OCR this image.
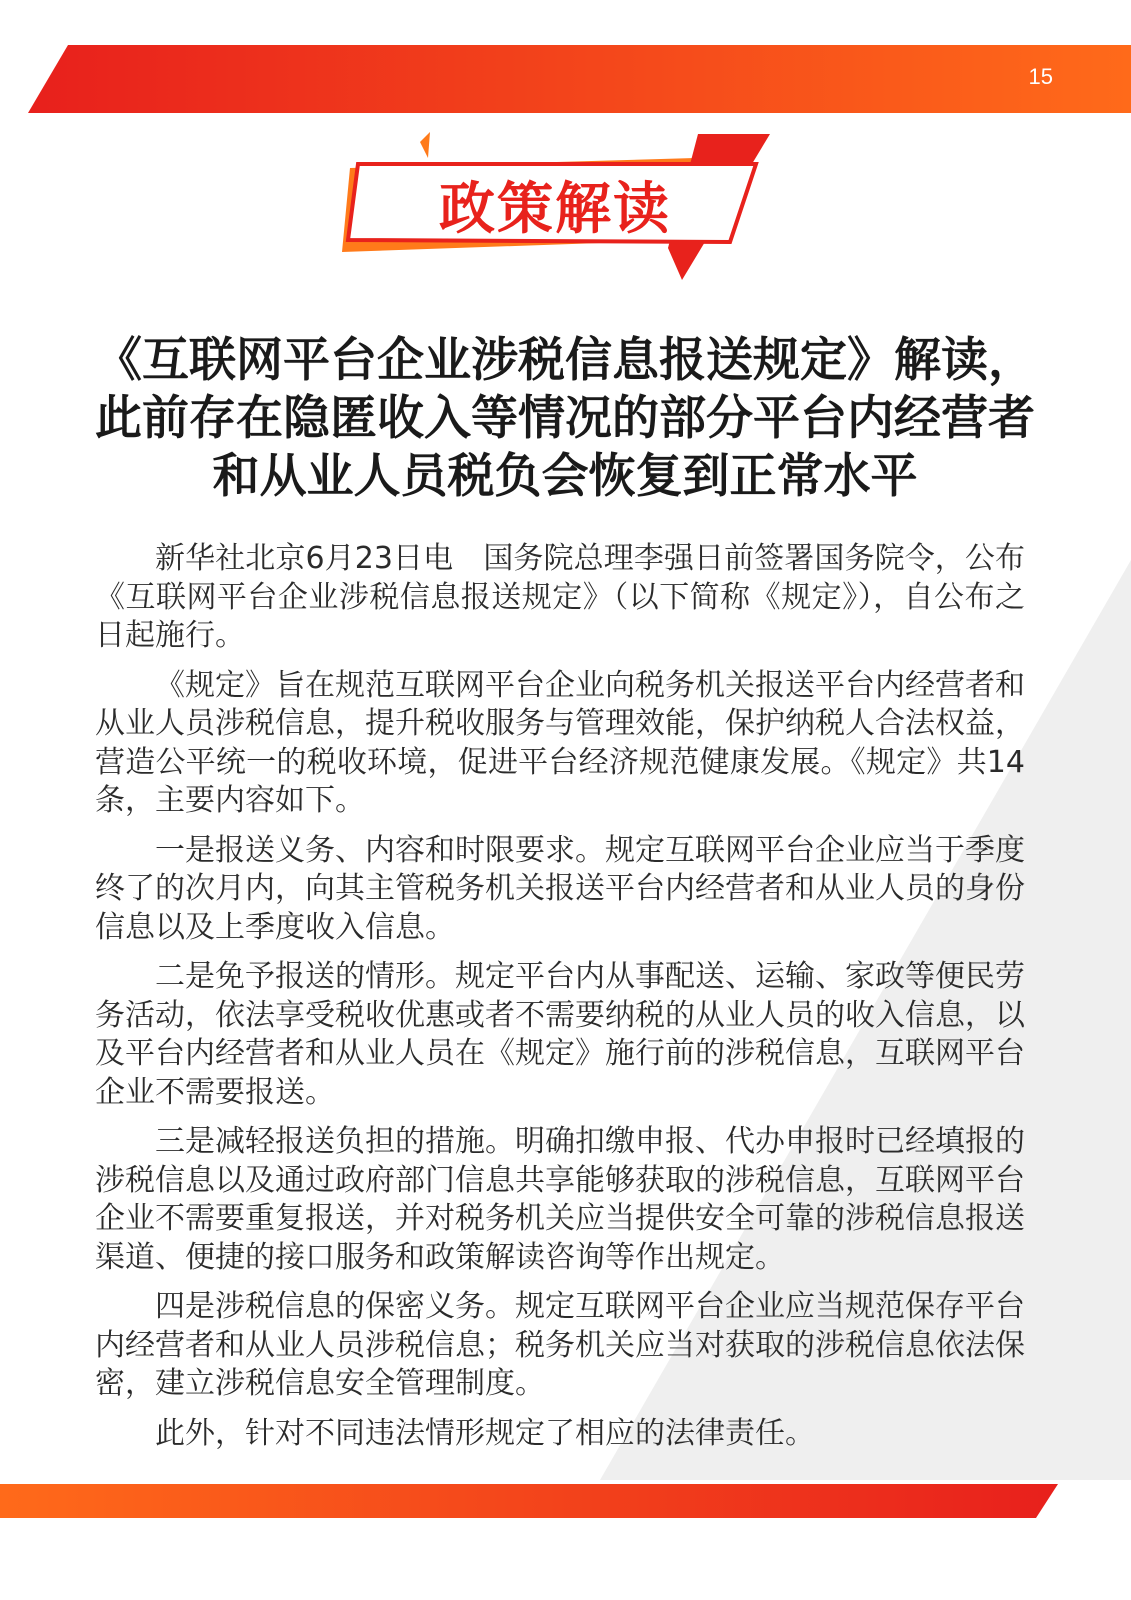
15
政策解读
《互联网平台企业涉税信息报送规定》解读，此前存在隐匿收入等情况的部分平台内经营者和从业人员税负会恢复到正常水平

新华社北京6月23日电　国务院总理李强日前签署国务院令，公布《互联网平台企业涉税信息报送规定》（以下简称《规定》），自公布之日起施行。

《规定》旨在规范互联网平台企业向税务机关报送平台内经营者和从业人员涉税信息，提升税收服务与管理效能，保护纳税人合法权益，营造公平统一的税收环境，促进平台经济规范健康发展。《规定》共14条，主要内容如下。

一是报送义务、内容和时限要求。规定互联网平台企业应当于季度终了的次月内，向其主管税务机关报送平台内经营者和从业人员的身份信息以及上季度收入信息。

二是免予报送的情形。规定平台内从事配送、运输、家政等便民劳务活动，依法享受税收优惠或者不需要纳税的从业人员的收入信息，以及平台内经营者和从业人员在《规定》施行前的涉税信息，互联网平台企业不需要报送。

三是减轻报送负担的措施。明确扣缴申报、代办申报时已经填报的涉税信息以及通过政府部门信息共享能够获取的涉税信息，互联网平台企业不需要重复报送，并对税务机关应当提供安全可靠的涉税信息报送渠道、便捷的接口服务和政策解读咨询等作出规定。

四是涉税信息的保密义务。规定互联网平台企业应当规范保存平台内经营者和从业人员涉税信息；税务机关应当对获取的涉税信息依法保密，建立涉税信息安全管理制度。

此外，针对不同违法情形规定了相应的法律责任。
